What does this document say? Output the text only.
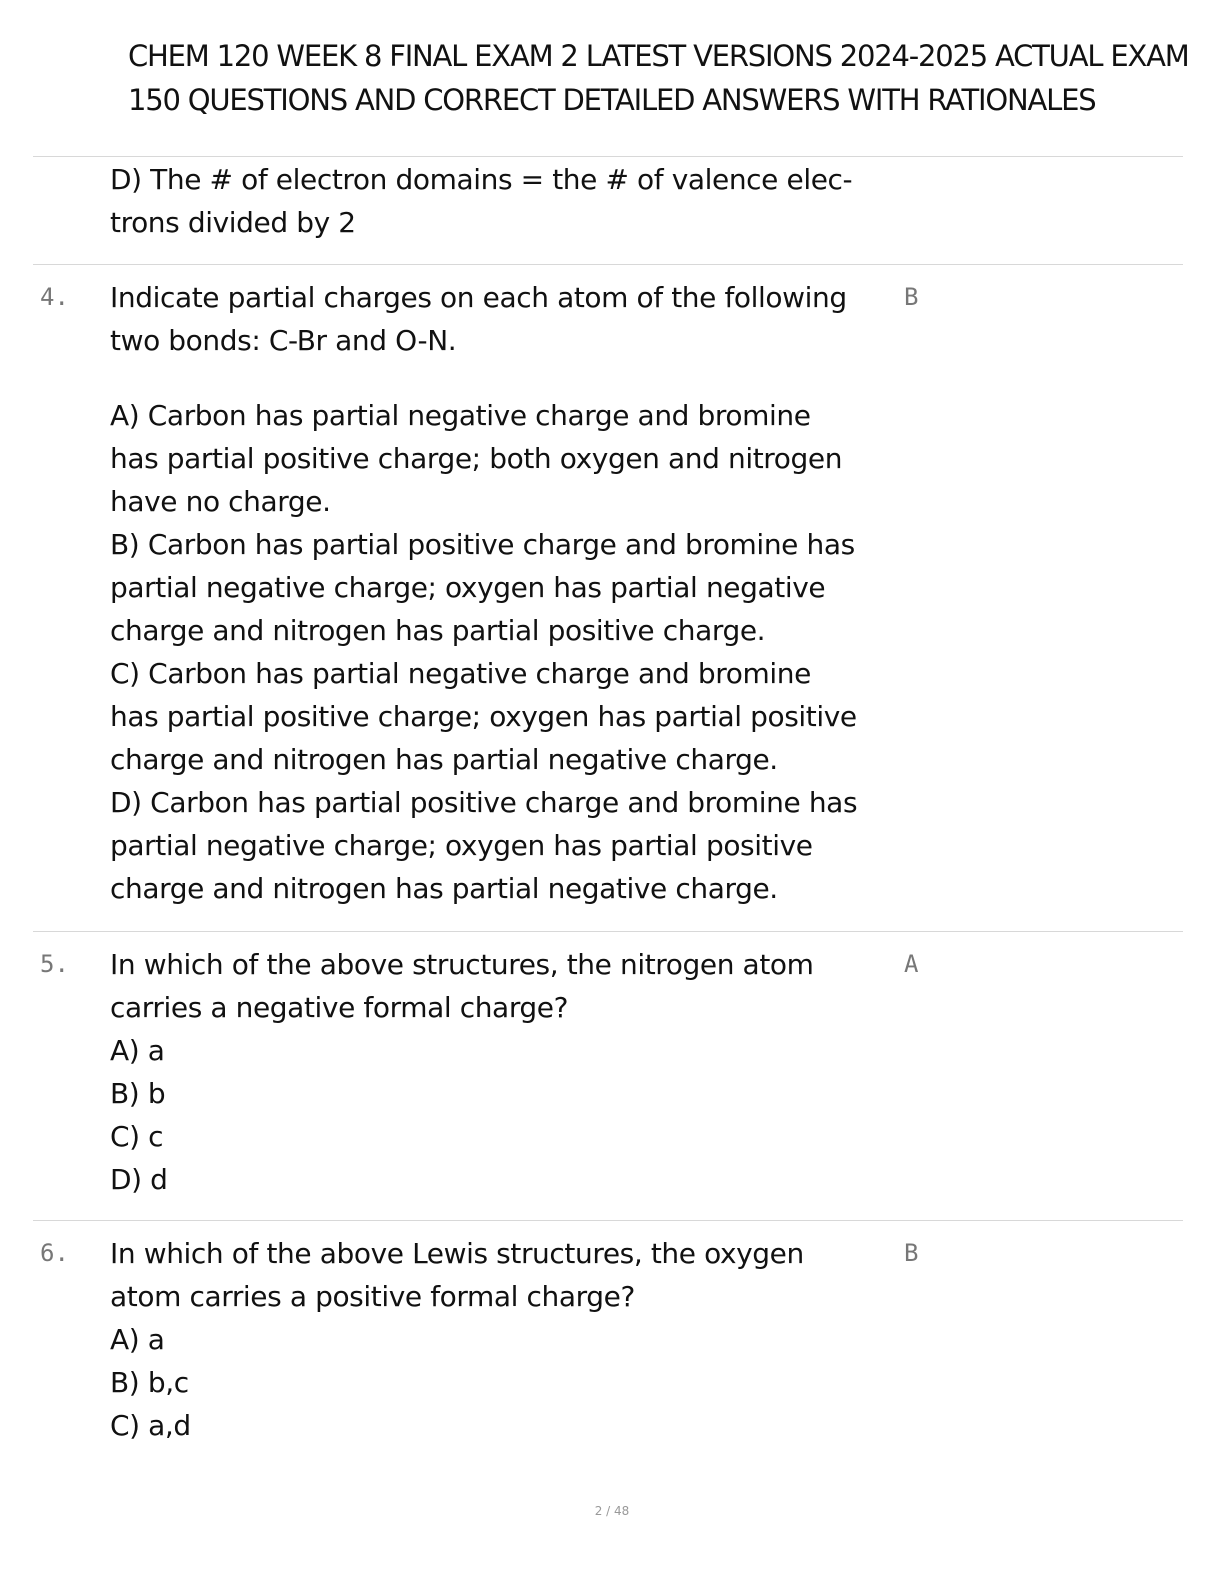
CHEM 120 WEEK 8 FINAL EXAM 2 LATEST VERSIONS 2024-2025 ACTUAL EXAM
150 QUESTIONS AND CORRECT DETAILED ANSWERS WITH RATIONALES
D) The # of electron domains = the # of valence elec-
trons divided by 2
4.	B
Indicate partial charges on each atom of the following
two bonds: C-Br and O-N.
A) Carbon has partial negative charge and bromine
has partial positive charge; both oxygen and nitrogen
have no charge.
B) Carbon has partial positive charge and bromine has
partial negative charge; oxygen has partial negative
charge and nitrogen has partial positive charge.
C) Carbon has partial negative charge and bromine
has partial positive charge; oxygen has partial positive
charge and nitrogen has partial negative charge.
D) Carbon has partial positive charge and bromine has
partial negative charge; oxygen has partial positive
charge and nitrogen has partial negative charge.
5.	A
In which of the above structures, the nitrogen atom
carries a negative formal charge?
A) a
B) b
C) c
D) d
6.	B
In which of the above Lewis structures, the oxygen
atom carries a positive formal charge?
A) a
B) b,c
C) a,d
2 / 48
